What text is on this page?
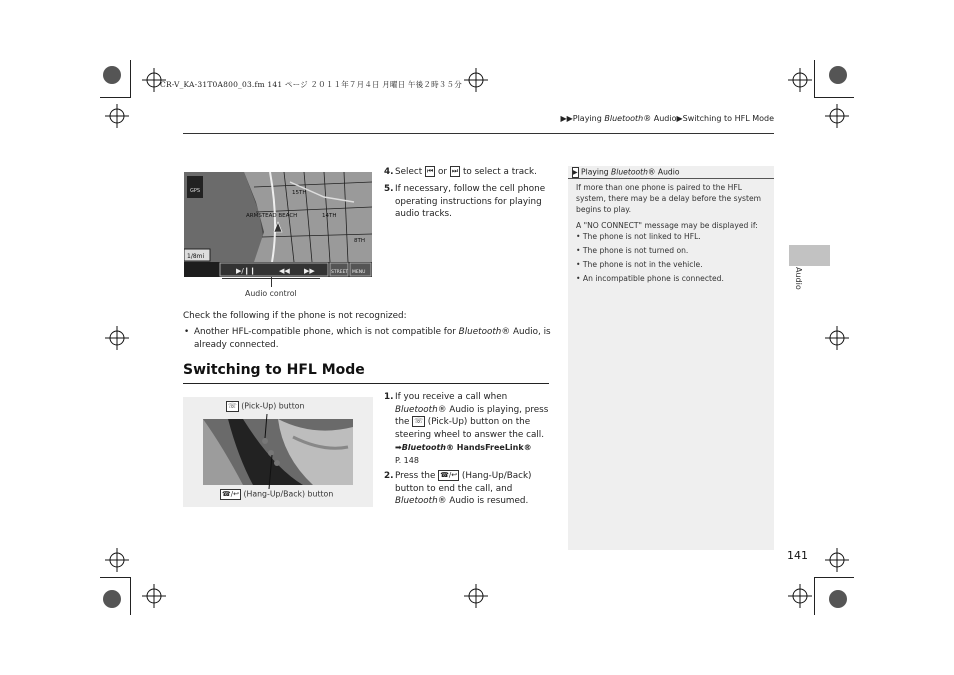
CR-V_KA-31T0A800_03.fm 141 ページ ２０１１年７月４日 月曜日 午後２時３５分
▶▶Playing Bluetooth® Audio▶Switching to HFL Mode
Audio
GPS	15TH
ARMSTEAD BEACH	14TH
8TH
1/8mi
▶/❙❙	◀◀ ▶▶	STREET MENU
Audio control
4. Select ⏮ or ⏭ to select a track.
5. If necessary, follow the cell phone operating instructions for playing audio tracks.
Check the following if the phone is not recognized:
• Another HFL-compatible phone, which is not compatible for Bluetooth® Audio, is already connected.
Switching to HFL Mode
☏ (Pick-Up) button
☎/↩ (Hang-Up/Back) button
1. If you receive a call when
Bluetooth® Audio is playing, press
the ☏ (Pick-Up) button on the
steering wheel to answer the call.
➡Bluetooth® HandsFreeLink®
P. 148
2. Press the ☎/↩ (Hang-Up/Back)
button to end the call, and
Bluetooth® Audio is resumed.
▶ Playing Bluetooth® Audio
If more than one phone is paired to the HFL system, there may be a delay before the system begins to play.
A "NO CONNECT" message may be displayed if:
• The phone is not linked to HFL.
• The phone is not turned on.
• The phone is not in the vehicle.
• An incompatible phone is connected.
141
